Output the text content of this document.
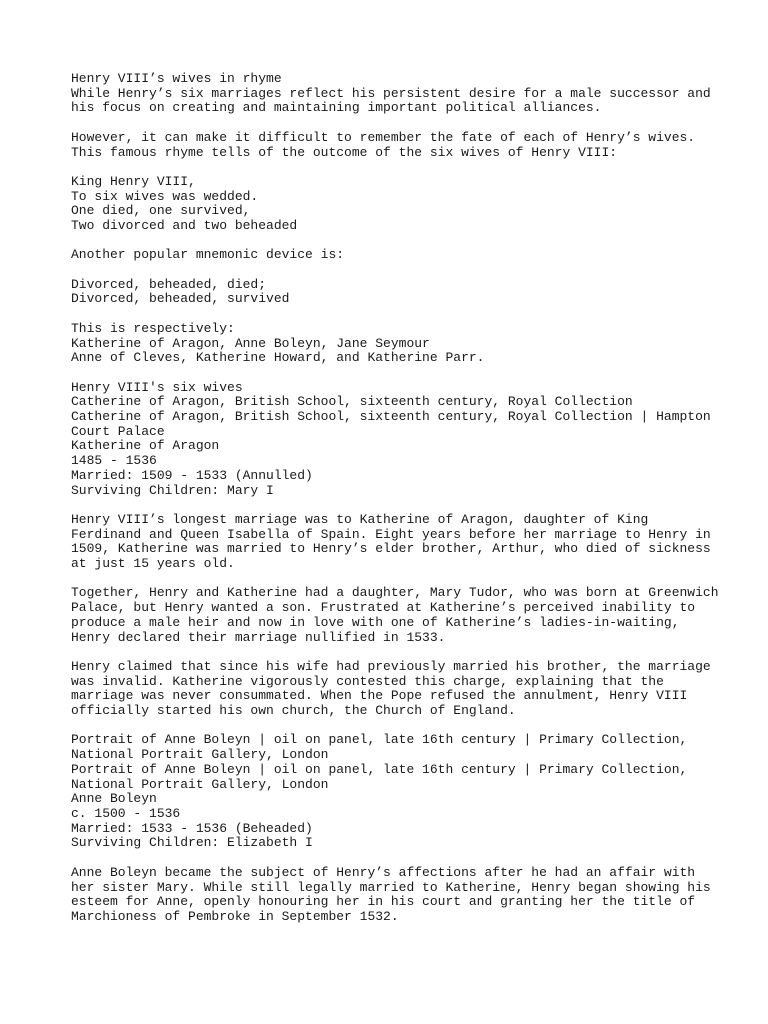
Henry VIII’s wives in rhyme
While Henry’s six marriages reflect his persistent desire for a male successor and
his focus on creating and maintaining important political alliances.

However, it can make it difficult to remember the fate of each of Henry’s wives.
This famous rhyme tells of the outcome of the six wives of Henry VIII:

King Henry VIII,
To six wives was wedded.
One died, one survived,
Two divorced and two beheaded

Another popular mnemonic device is:

Divorced, beheaded, died;
Divorced, beheaded, survived

This is respectively:
Katherine of Aragon, Anne Boleyn, Jane Seymour
Anne of Cleves, Katherine Howard, and Katherine Parr.

Henry VIII's six wives
Catherine of Aragon, British School, sixteenth century, Royal Collection
Catherine of Aragon, British School, sixteenth century, Royal Collection | Hampton
Court Palace
Katherine of Aragon
1485 - 1536
Married: 1509 - 1533 (Annulled)
Surviving Children: Mary I

Henry VIII’s longest marriage was to Katherine of Aragon, daughter of King
Ferdinand and Queen Isabella of Spain. Eight years before her marriage to Henry in
1509, Katherine was married to Henry’s elder brother, Arthur, who died of sickness
at just 15 years old.

Together, Henry and Katherine had a daughter, Mary Tudor, who was born at Greenwich
Palace, but Henry wanted a son. Frustrated at Katherine’s perceived inability to
produce a male heir and now in love with one of Katherine’s ladies-in-waiting,
Henry declared their marriage nullified in 1533.

Henry claimed that since his wife had previously married his brother, the marriage
was invalid. Katherine vigorously contested this charge, explaining that the
marriage was never consummated. When the Pope refused the annulment, Henry VIII
officially started his own church, the Church of England.

Portrait of Anne Boleyn | oil on panel, late 16th century | Primary Collection,
National Portrait Gallery, London
Portrait of Anne Boleyn | oil on panel, late 16th century | Primary Collection,
National Portrait Gallery, London
Anne Boleyn
c. 1500 - 1536
Married: 1533 - 1536 (Beheaded)
Surviving Children: Elizabeth I

Anne Boleyn became the subject of Henry’s affections after he had an affair with
her sister Mary. While still legally married to Katherine, Henry began showing his
esteem for Anne, openly honouring her in his court and granting her the title of
Marchioness of Pembroke in September 1532.
